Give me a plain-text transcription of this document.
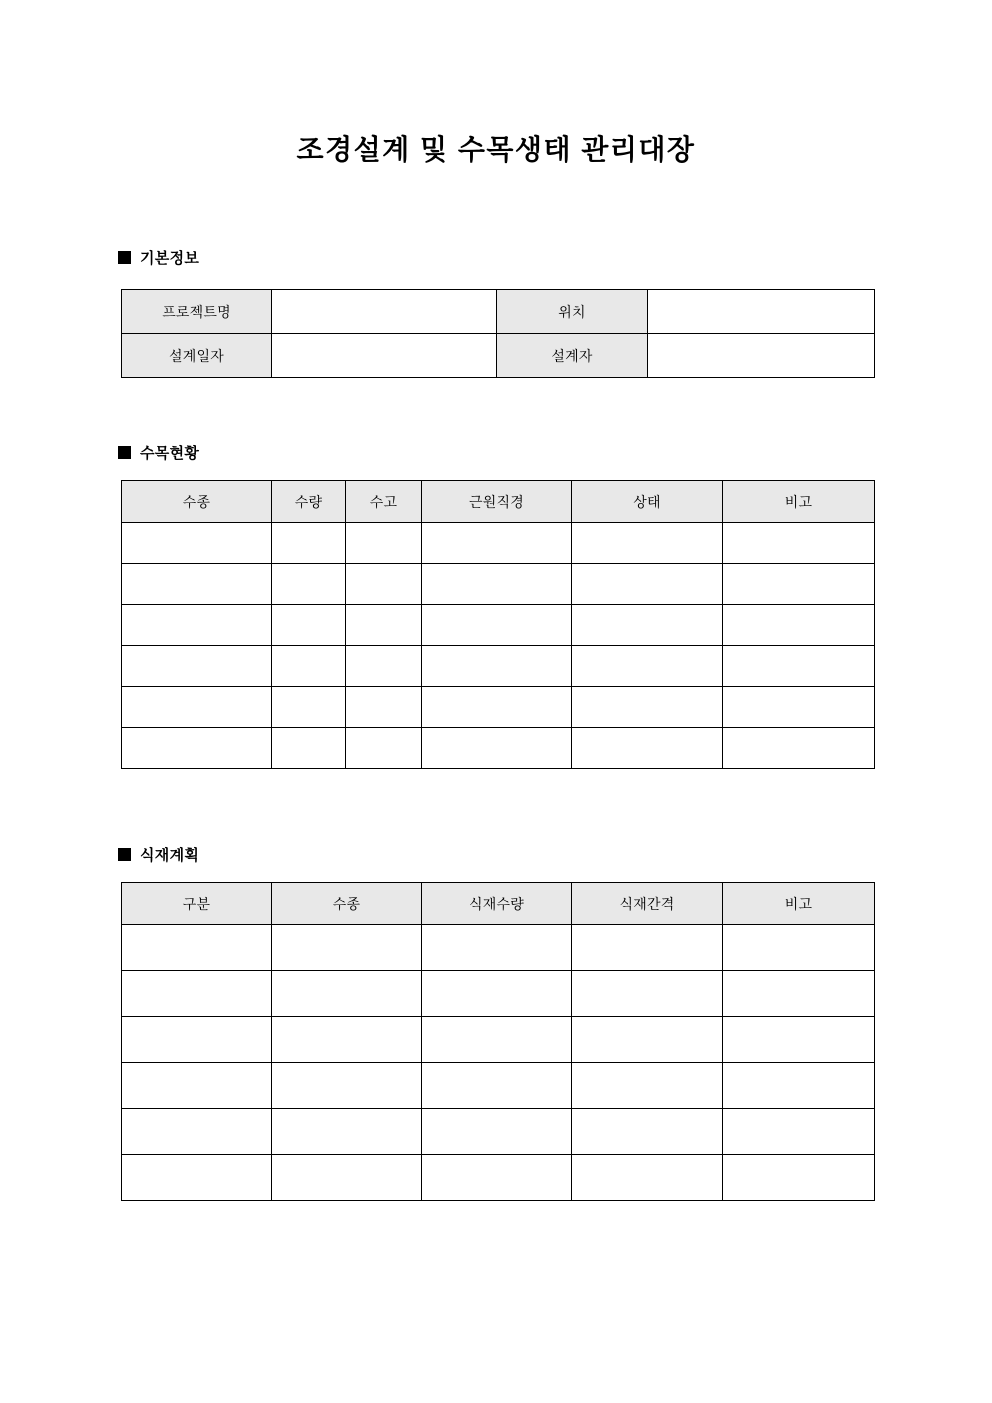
조경설계 및 수목생태 관리대장
기본정보
프로젝트명		위치	
설계일자		설계자	
수목현황
수종	수량	수고	근원직경	상태	비고

식재계획
구분	수종	식재수량	식재간격	비고
